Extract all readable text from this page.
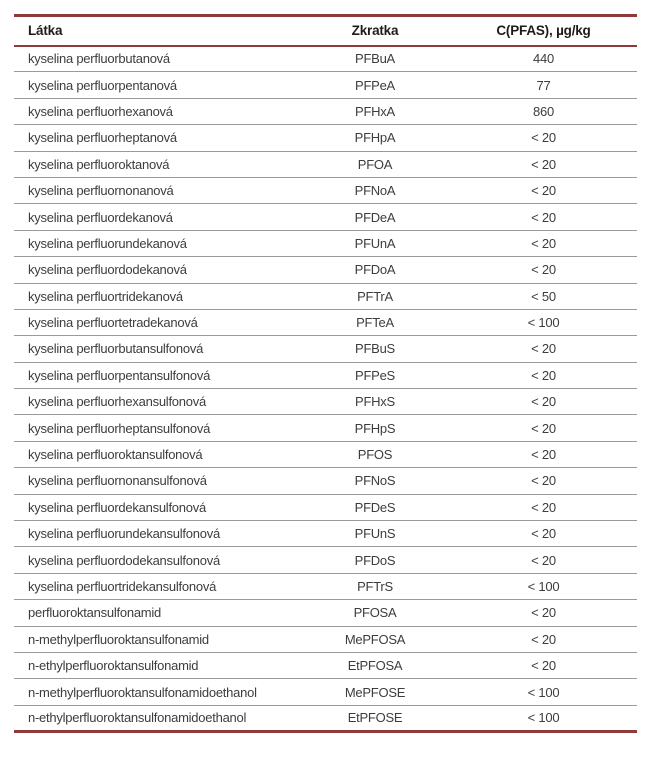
Látka	Zkratka	C(PFAS), µg/kg
kyselina perfluorbutanová	PFBuA	440
kyselina perfluorpentanová	PFPeA	77
kyselina perfluorhexanová	PFHxA	860
kyselina perfluorheptanová	PFHpA	< 20
kyselina perfluoroktanová	PFOA	< 20
kyselina perfluornonanová	PFNoA	< 20
kyselina perfluordekanová	PFDeA	< 20
kyselina perfluorundekanová	PFUnA	< 20
kyselina perfluordodekanová	PFDoA	< 20
kyselina perfluortridekanová	PFTrA	< 50
kyselina perfluortetradekanová	PFTeA	< 100
kyselina perfluorbutansulfonová	PFBuS	< 20
kyselina perfluorpentansulfonová	PFPeS	< 20
kyselina perfluorhexansulfonová	PFHxS	< 20
kyselina perfluorheptansulfonová	PFHpS	< 20
kyselina perfluoroktansulfonová	PFOS	< 20
kyselina perfluornonansulfonová	PFNoS	< 20
kyselina perfluordekansulfonová	PFDeS	< 20
kyselina perfluorundekansulfonová	PFUnS	< 20
kyselina perfluordodekansulfonová	PFDoS	< 20
kyselina perfluortridekansulfonová	PFTrS	< 100
perfluoroktansulfonamid	PFOSA	< 20
n-methylperfluoroktansulfonamid	MePFOSA	< 20
n-ethylperfluoroktansulfonamid	EtPFOSA	< 20
n-methylperfluoroktansulfonamidoethanol	MePFOSE	< 100
n-ethylperfluoroktansulfonamidoethanol	EtPFOSE	< 100
